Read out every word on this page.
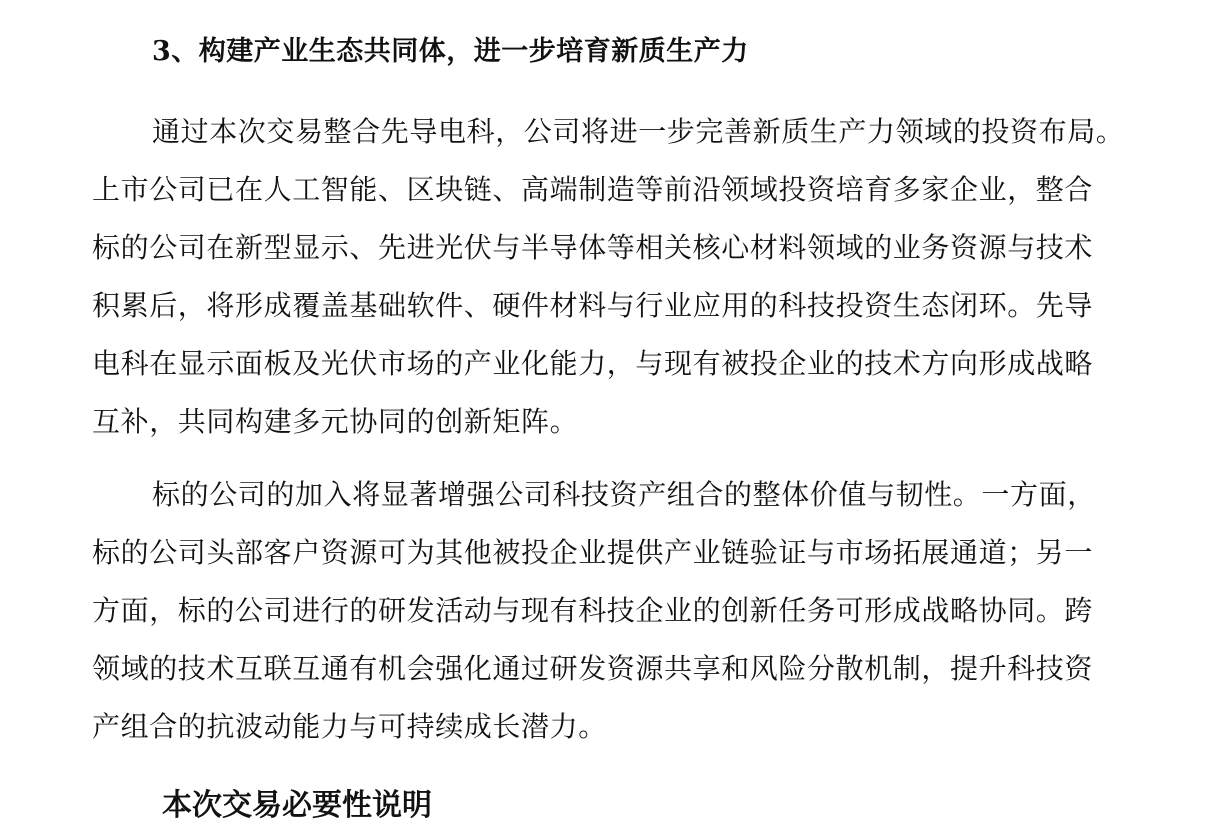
3、构建产业生态共同体，进一步培育新质生产力
通过本次交易整合先导电科，公司将进一步完善新质生产力领域的投资布局。
上市公司已在人工智能、区块链、高端制造等前沿领域投资培育多家企业，整合
标的公司在新型显示、先进光伏与半导体等相关核心材料领域的业务资源与技术
积累后，将形成覆盖基础软件、硬件材料与行业应用的科技投资生态闭环。先导
电科在显示面板及光伏市场的产业化能力，与现有被投企业的技术方向形成战略
互补，共同构建多元协同的创新矩阵。
标的公司的加入将显著增强公司科技资产组合的整体价值与韧性。一方面，
标的公司头部客户资源可为其他被投企业提供产业链验证与市场拓展通道；另一
方面，标的公司进行的研发活动与现有科技企业的创新任务可形成战略协同。跨
领域的技术互联互通有机会强化通过研发资源共享和风险分散机制，提升科技资
产组合的抗波动能力与可持续成长潜力。
本次交易必要性说明
